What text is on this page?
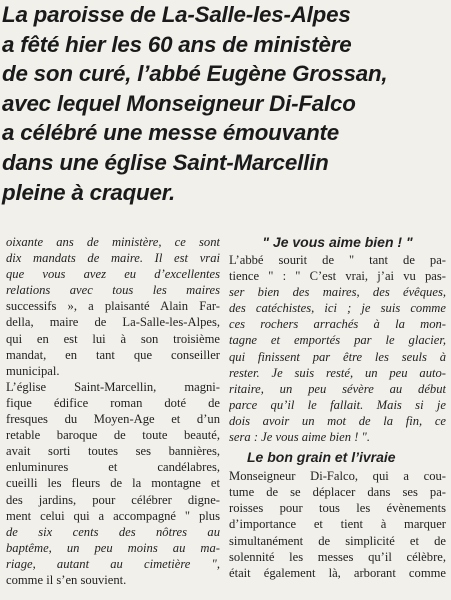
La paroisse de La-Salle-les-Alpes
a fêté hier les 60 ans de ministère
de son curé, l’abbé Eugène Grossan,
avec lequel Monseigneur Di-Falco
a célébré une messe émouvante
dans une église Saint-Marcellin
pleine à craquer.
oixante ans de ministère, ce sont
dix mandats de maire. Il est vrai
que vous avez eu d’excellentes
relations avec tous les maires
successifs », a plaisanté Alain Far-
della, maire de La-Salle-les-Alpes,
qui en est lui à son troisième
mandat, en tant que conseiller
municipal.
L’église Saint-Marcellin, magni-
fique édifice roman doté de
fresques du Moyen-Age et d’un
retable baroque de toute beauté,
avait sorti toutes ses bannières,
enluminures et candélabres,
cueilli les fleurs de la montagne et
des jardins, pour célébrer digne-
ment celui qui a accompagné " plus
de six cents des nôtres au
baptême, un peu moins au ma-
riage, autant au cimetière ",
comme il s’en souvient.
" Je vous aime bien ! "
L’abbé sourit de " tant de pa-
tience " : " C’est vrai, j’ai vu pas-
ser bien des maires, des évêques,
des catéchistes, ici ; je suis comme
ces rochers arrachés à la mon-
tagne et emportés par le glacier,
qui finissent par être les seuls à
rester. Je suis resté, un peu auto-
ritaire, un peu sévère au début
parce qu’il le fallait. Mais si je
dois avoir un mot de la fin, ce
sera : Je vous aime bien ! ".
Le bon grain et l’ivraie
Monseigneur Di-Falco, qui a cou-
tume de se déplacer dans ses pa-
roisses pour tous les évènements
d’importance et tient à marquer
simultanément de simplicité et de
solennité les messes qu’il célèbre,
était également là, arborant comme
